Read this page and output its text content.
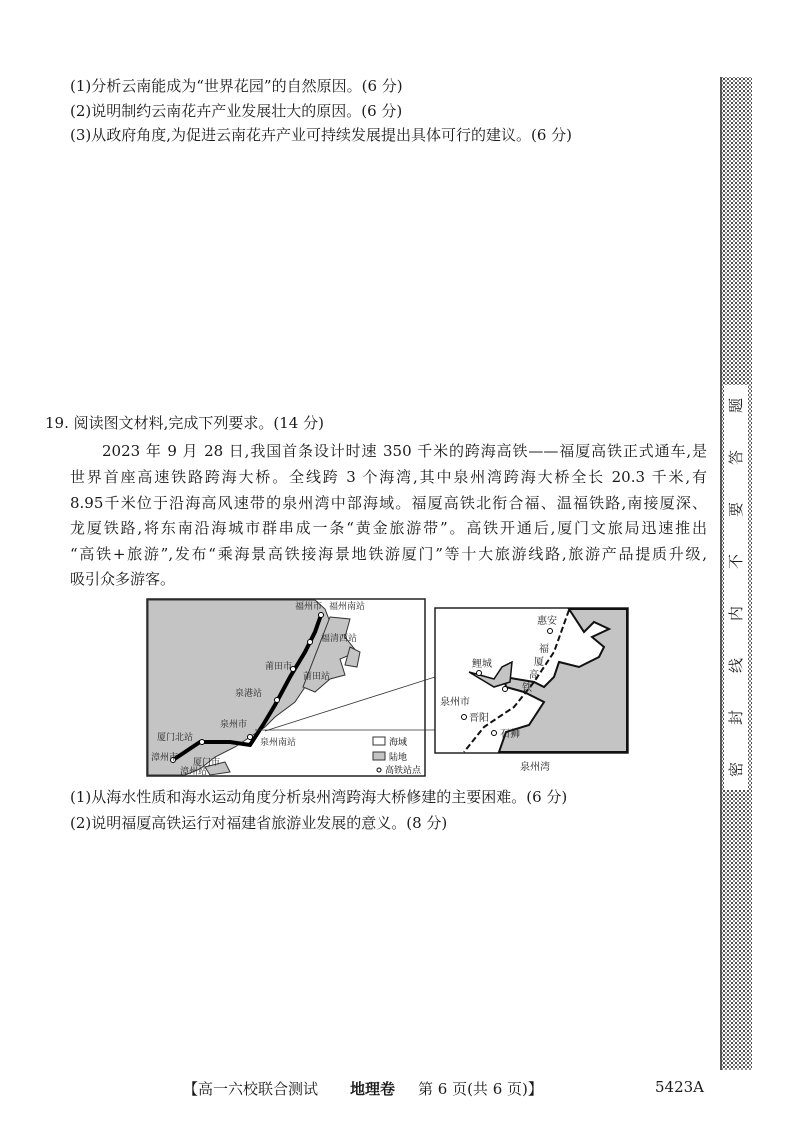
(1)分析云南能成为“世界花园”的自然原因。(6 分)
(2)说明制约云南花卉产业发展壮大的原因。(6 分)
(3)从政府角度,为促进云南花卉产业可持续发展提出具体可行的建议。(6 分)
19. 阅读图文材料,完成下列要求。(14 分)
2023 年 9 月 28 日,我国首条设计时速 350 千米的跨海高铁——福厦高铁正式通车,是
世界首座高速铁路跨海大桥。全线跨 3 个海湾,其中泉州湾跨海大桥全长 20.3 千米,有
8.95千米位于沿海高风速带的泉州湾中部海域。福厦高铁北衔合福、温福铁路,南接厦深、
龙厦铁路,将东南沿海城市群串成一条“黄金旅游带”。高铁开通后,厦门文旅局迅速推出
“高铁+旅游”,发布“乘海景高铁接海景地铁游厦门”等十大旅游线路,旅游产品提质升级,
吸引众多游客。
福州市
莆田市
泉州市
漳州市 厦门市
福州南站
福清西站
莆田站
泉港站
泉州南站
厦门北站
漳州站
海域
陆地
高铁站点
惠安
鲤城
泉州市
晋阳
石狮
福
厦
高
铁
泉州湾
(1)从海水性质和海水运动角度分析泉州湾跨海大桥修建的主要困难。(6 分)
(2)说明福厦高铁运行对福建省旅游业发展的意义。(8 分)
密
封
线
内
不
要
答
题
【高一六校联合测试 地理卷 第 6 页(共 6 页)】	5423A
